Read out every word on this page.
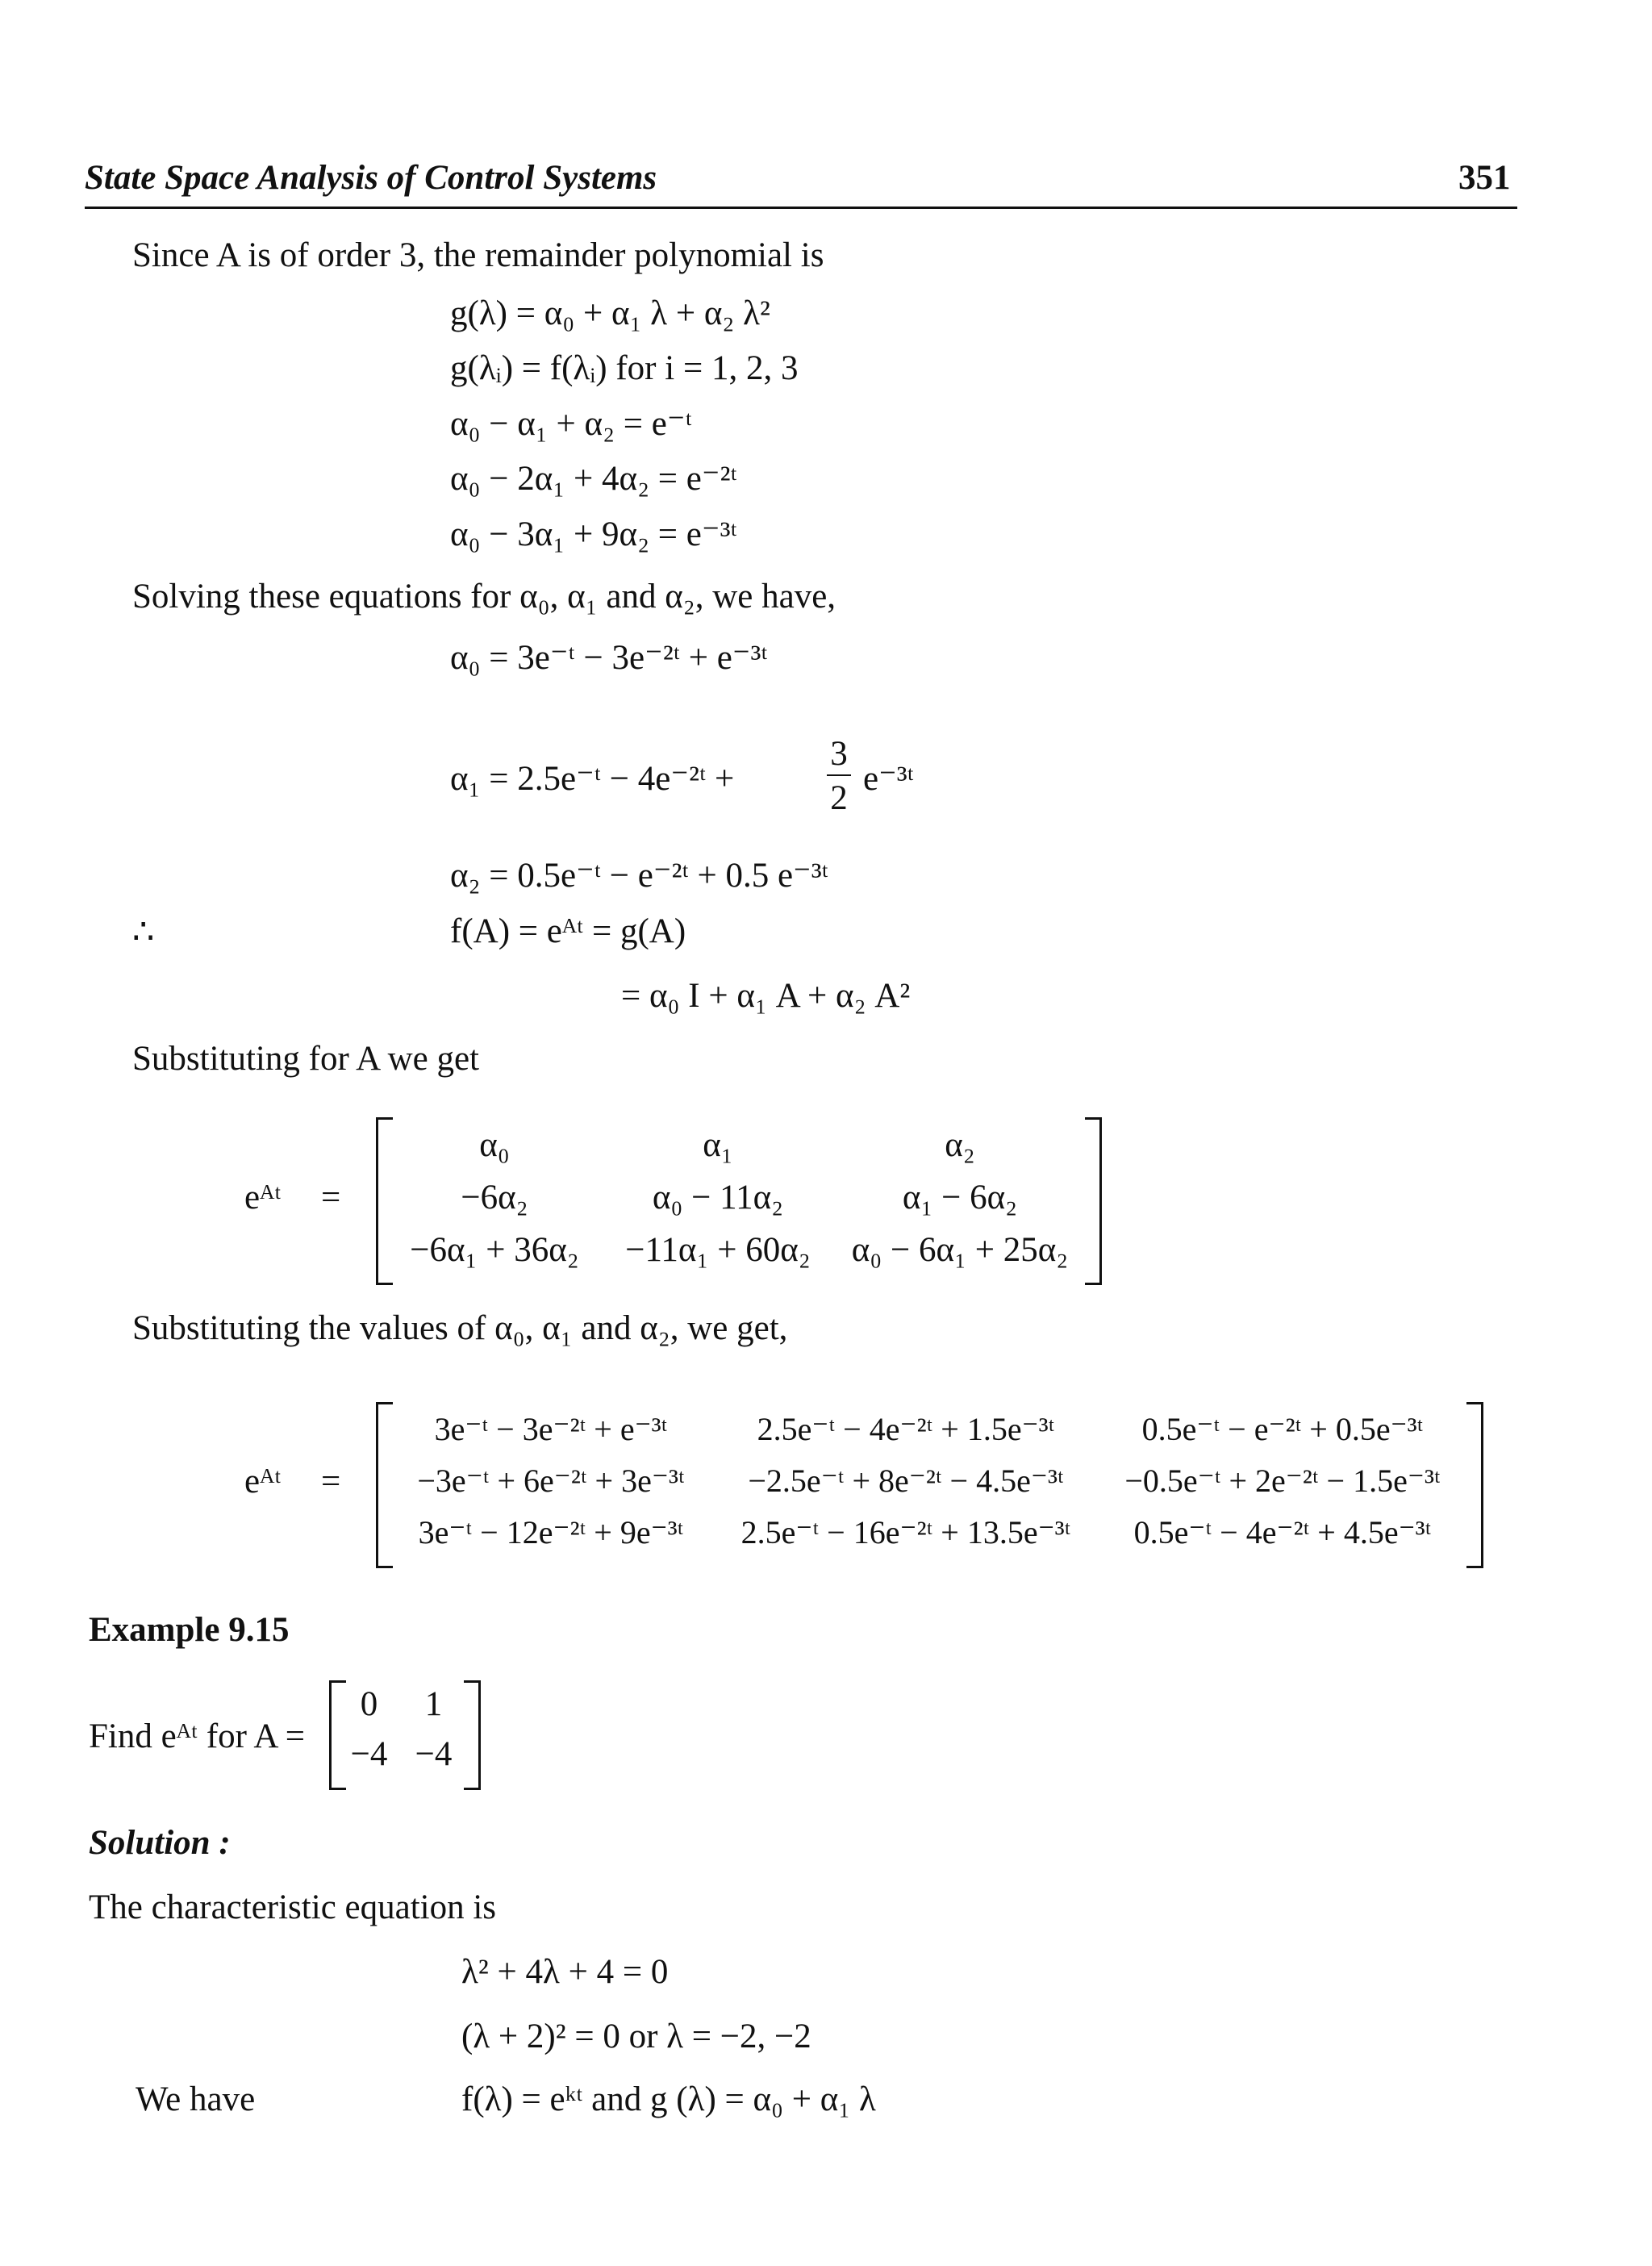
State Space Analysis of Control Systems	351
Since A is of order 3, the remainder polynomial is
g(λ) = α₀ + α₁ λ + α₂ λ²
g(λᵢ) = f(λᵢ) for i = 1, 2, 3
α₀ − α₁ + α₂ = e⁻ᵗ
α₀ − 2α₁ + 4α₂ = e⁻²ᵗ
α₀ − 3α₁ + 9α₂ = e⁻³ᵗ
Solving these equations for α₀, α₁ and α₂, we have,
α₀ = 3e⁻ᵗ − 3e⁻²ᵗ + e⁻³ᵗ
α₁ = 2.5e⁻ᵗ − 4e⁻²ᵗ +
3
2
e⁻³ᵗ
α₂ = 0.5e⁻ᵗ − e⁻²ᵗ + 0.5 e⁻³ᵗ
∴	f(A) = eᴬᵗ = g(A)
= α₀ I + α₁ A + α₂ A²
Substituting for A we get
eᴬᵗ =
α₀	α₁	α₂
−6α₂	α₀ − 11α₂	α₁ − 6α₂
−6α₁ + 36α₂	−11α₁ + 60α₂	α₀ − 6α₁ + 25α₂
Substituting the values of α₀, α₁ and α₂, we get,
eᴬᵗ =
3e⁻ᵗ − 3e⁻²ᵗ + e⁻³ᵗ	2.5e⁻ᵗ − 4e⁻²ᵗ + 1.5e⁻³ᵗ	0.5e⁻ᵗ − e⁻²ᵗ + 0.5e⁻³ᵗ
−3e⁻ᵗ + 6e⁻²ᵗ + 3e⁻³ᵗ	−2.5e⁻ᵗ + 8e⁻²ᵗ − 4.5e⁻³ᵗ	−0.5e⁻ᵗ + 2e⁻²ᵗ − 1.5e⁻³ᵗ
3e⁻ᵗ − 12e⁻²ᵗ + 9e⁻³ᵗ	2.5e⁻ᵗ − 16e⁻²ᵗ + 13.5e⁻³ᵗ	0.5e⁻ᵗ − 4e⁻²ᵗ + 4.5e⁻³ᵗ
Example 9.15
Find eᴬᵗ for A =
0	1
−4 −4
Solution :
The characteristic equation is
λ² + 4λ + 4 = 0
(λ + 2)² = 0 or λ = −2, −2
We have	f(λ) = eᵏᵗ and g (λ) = α₀ + α₁ λ
